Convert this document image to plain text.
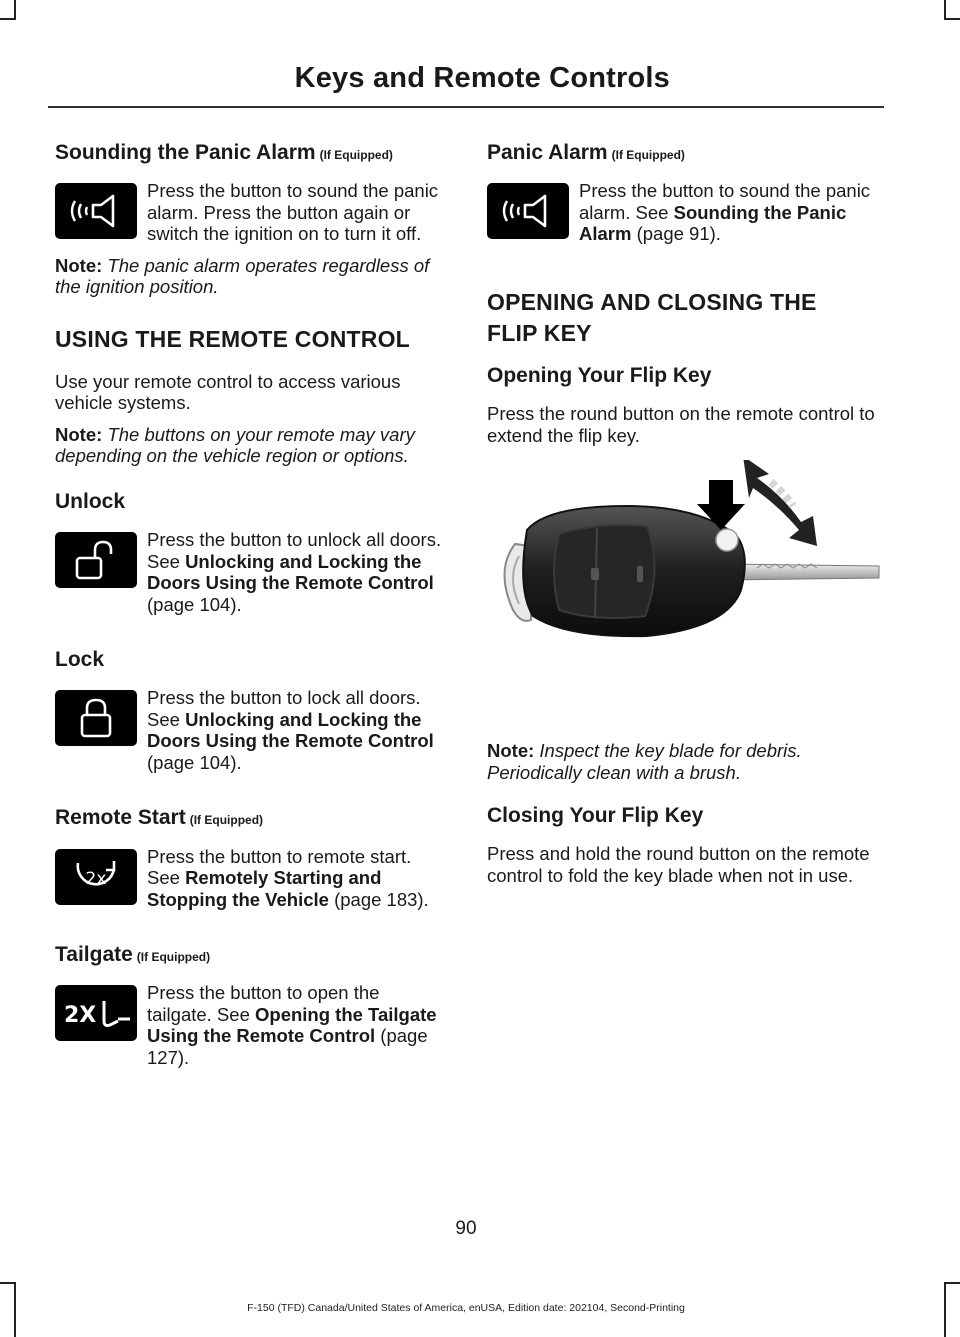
Keys and Remote Controls
Sounding the Panic Alarm (If Equipped)

Press the button to sound the panic alarm. Press the button again or switch the ignition on to turn it off.

Note: The panic alarm operates regardless of the ignition position.

USING THE REMOTE CONTROL

Use your remote control to access various vehicle systems.

Note: The buttons on your remote may vary depending on the vehicle region or options.

Unlock

Press the button to unlock all doors. See Unlocking and Locking the Doors Using the Remote Control (page 104).

Lock

Press the button to lock all doors. See Unlocking and Locking the Doors Using the Remote Control (page 104).

Remote Start (If Equipped)
2x

Press the button to remote start. See Remotely Starting and Stopping the Vehicle (page 183).

Tailgate (If Equipped)
2X

Press the button to open the tailgate. See Opening the Tailgate Using the Remote Control (page 127).

Panic Alarm (If Equipped)

Press the button to sound the panic alarm. See Sounding the Panic Alarm (page 91).

OPENING AND CLOSING THE
FLIP KEY
Opening Your Flip Key

Press the round button on the remote control to extend the flip key.

Note: Inspect the key blade for debris. Periodically clean with a brush.

Closing Your Flip Key

Press and hold the round button on the remote control to fold the key blade when not in use.

90
F-150 (TFD) Canada/United States of America, enUSA, Edition date: 202104, Second-Printing
